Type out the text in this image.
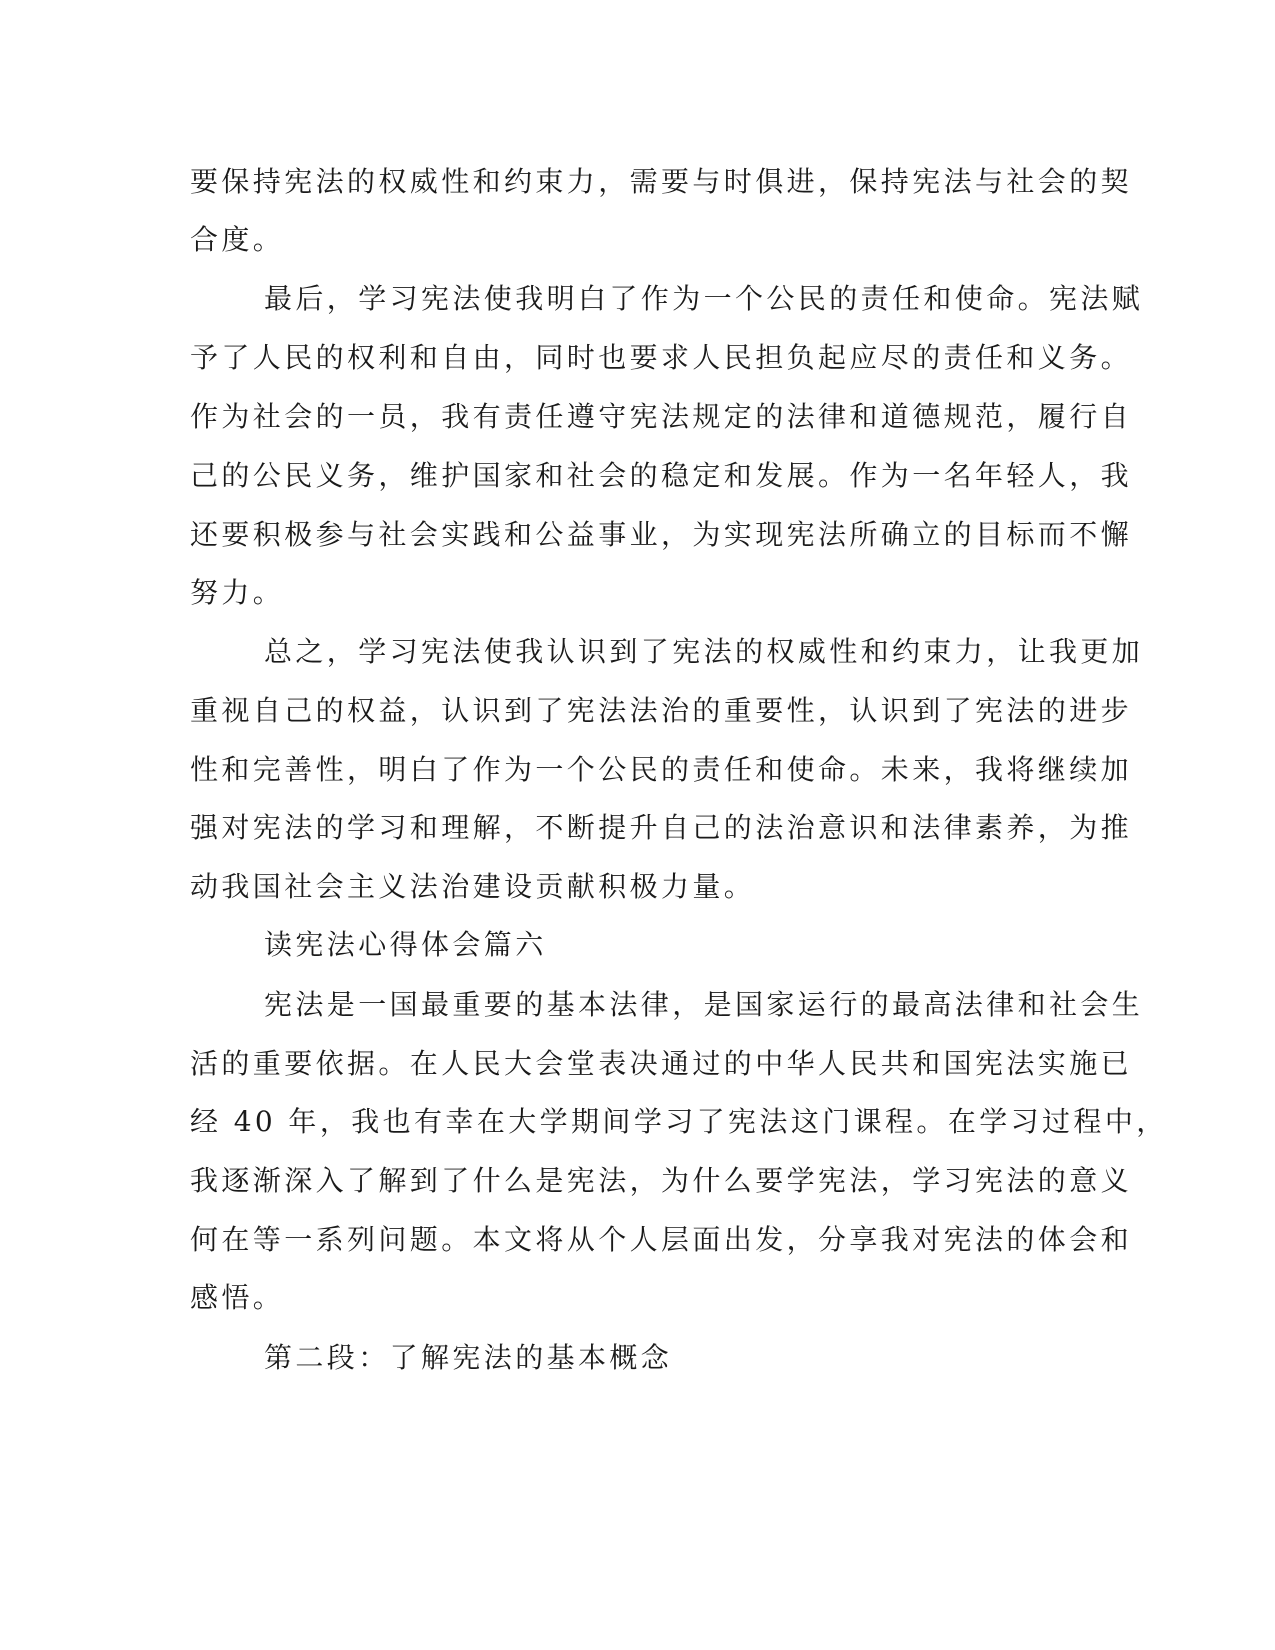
要保持宪法的权威性和约束力，需要与时俱进，保持宪法与社会的契

合度。

最后，学习宪法使我明白了作为一个公民的责任和使命。宪法赋

予了人民的权利和自由，同时也要求人民担负起应尽的责任和义务。

作为社会的一员，我有责任遵守宪法规定的法律和道德规范，履行自

己的公民义务，维护国家和社会的稳定和发展。作为一名年轻人，我

还要积极参与社会实践和公益事业，为实现宪法所确立的目标而不懈

努力。

总之，学习宪法使我认识到了宪法的权威性和约束力，让我更加

重视自己的权益，认识到了宪法法治的重要性，认识到了宪法的进步

性和完善性，明白了作为一个公民的责任和使命。未来，我将继续加

强对宪法的学习和理解，不断提升自己的法治意识和法律素养，为推

动我国社会主义法治建设贡献积极力量。

读宪法心得体会篇六

宪法是一国最重要的基本法律，是国家运行的最高法律和社会生

活的重要依据。在人民大会堂表决通过的中华人民共和国宪法实施已

经 40 年，我也有幸在大学期间学习了宪法这门课程。在学习过程中，

我逐渐深入了解到了什么是宪法，为什么要学宪法，学习宪法的意义

何在等一系列问题。本文将从个人层面出发，分享我对宪法的体会和

感悟。

第二段：了解宪法的基本概念
